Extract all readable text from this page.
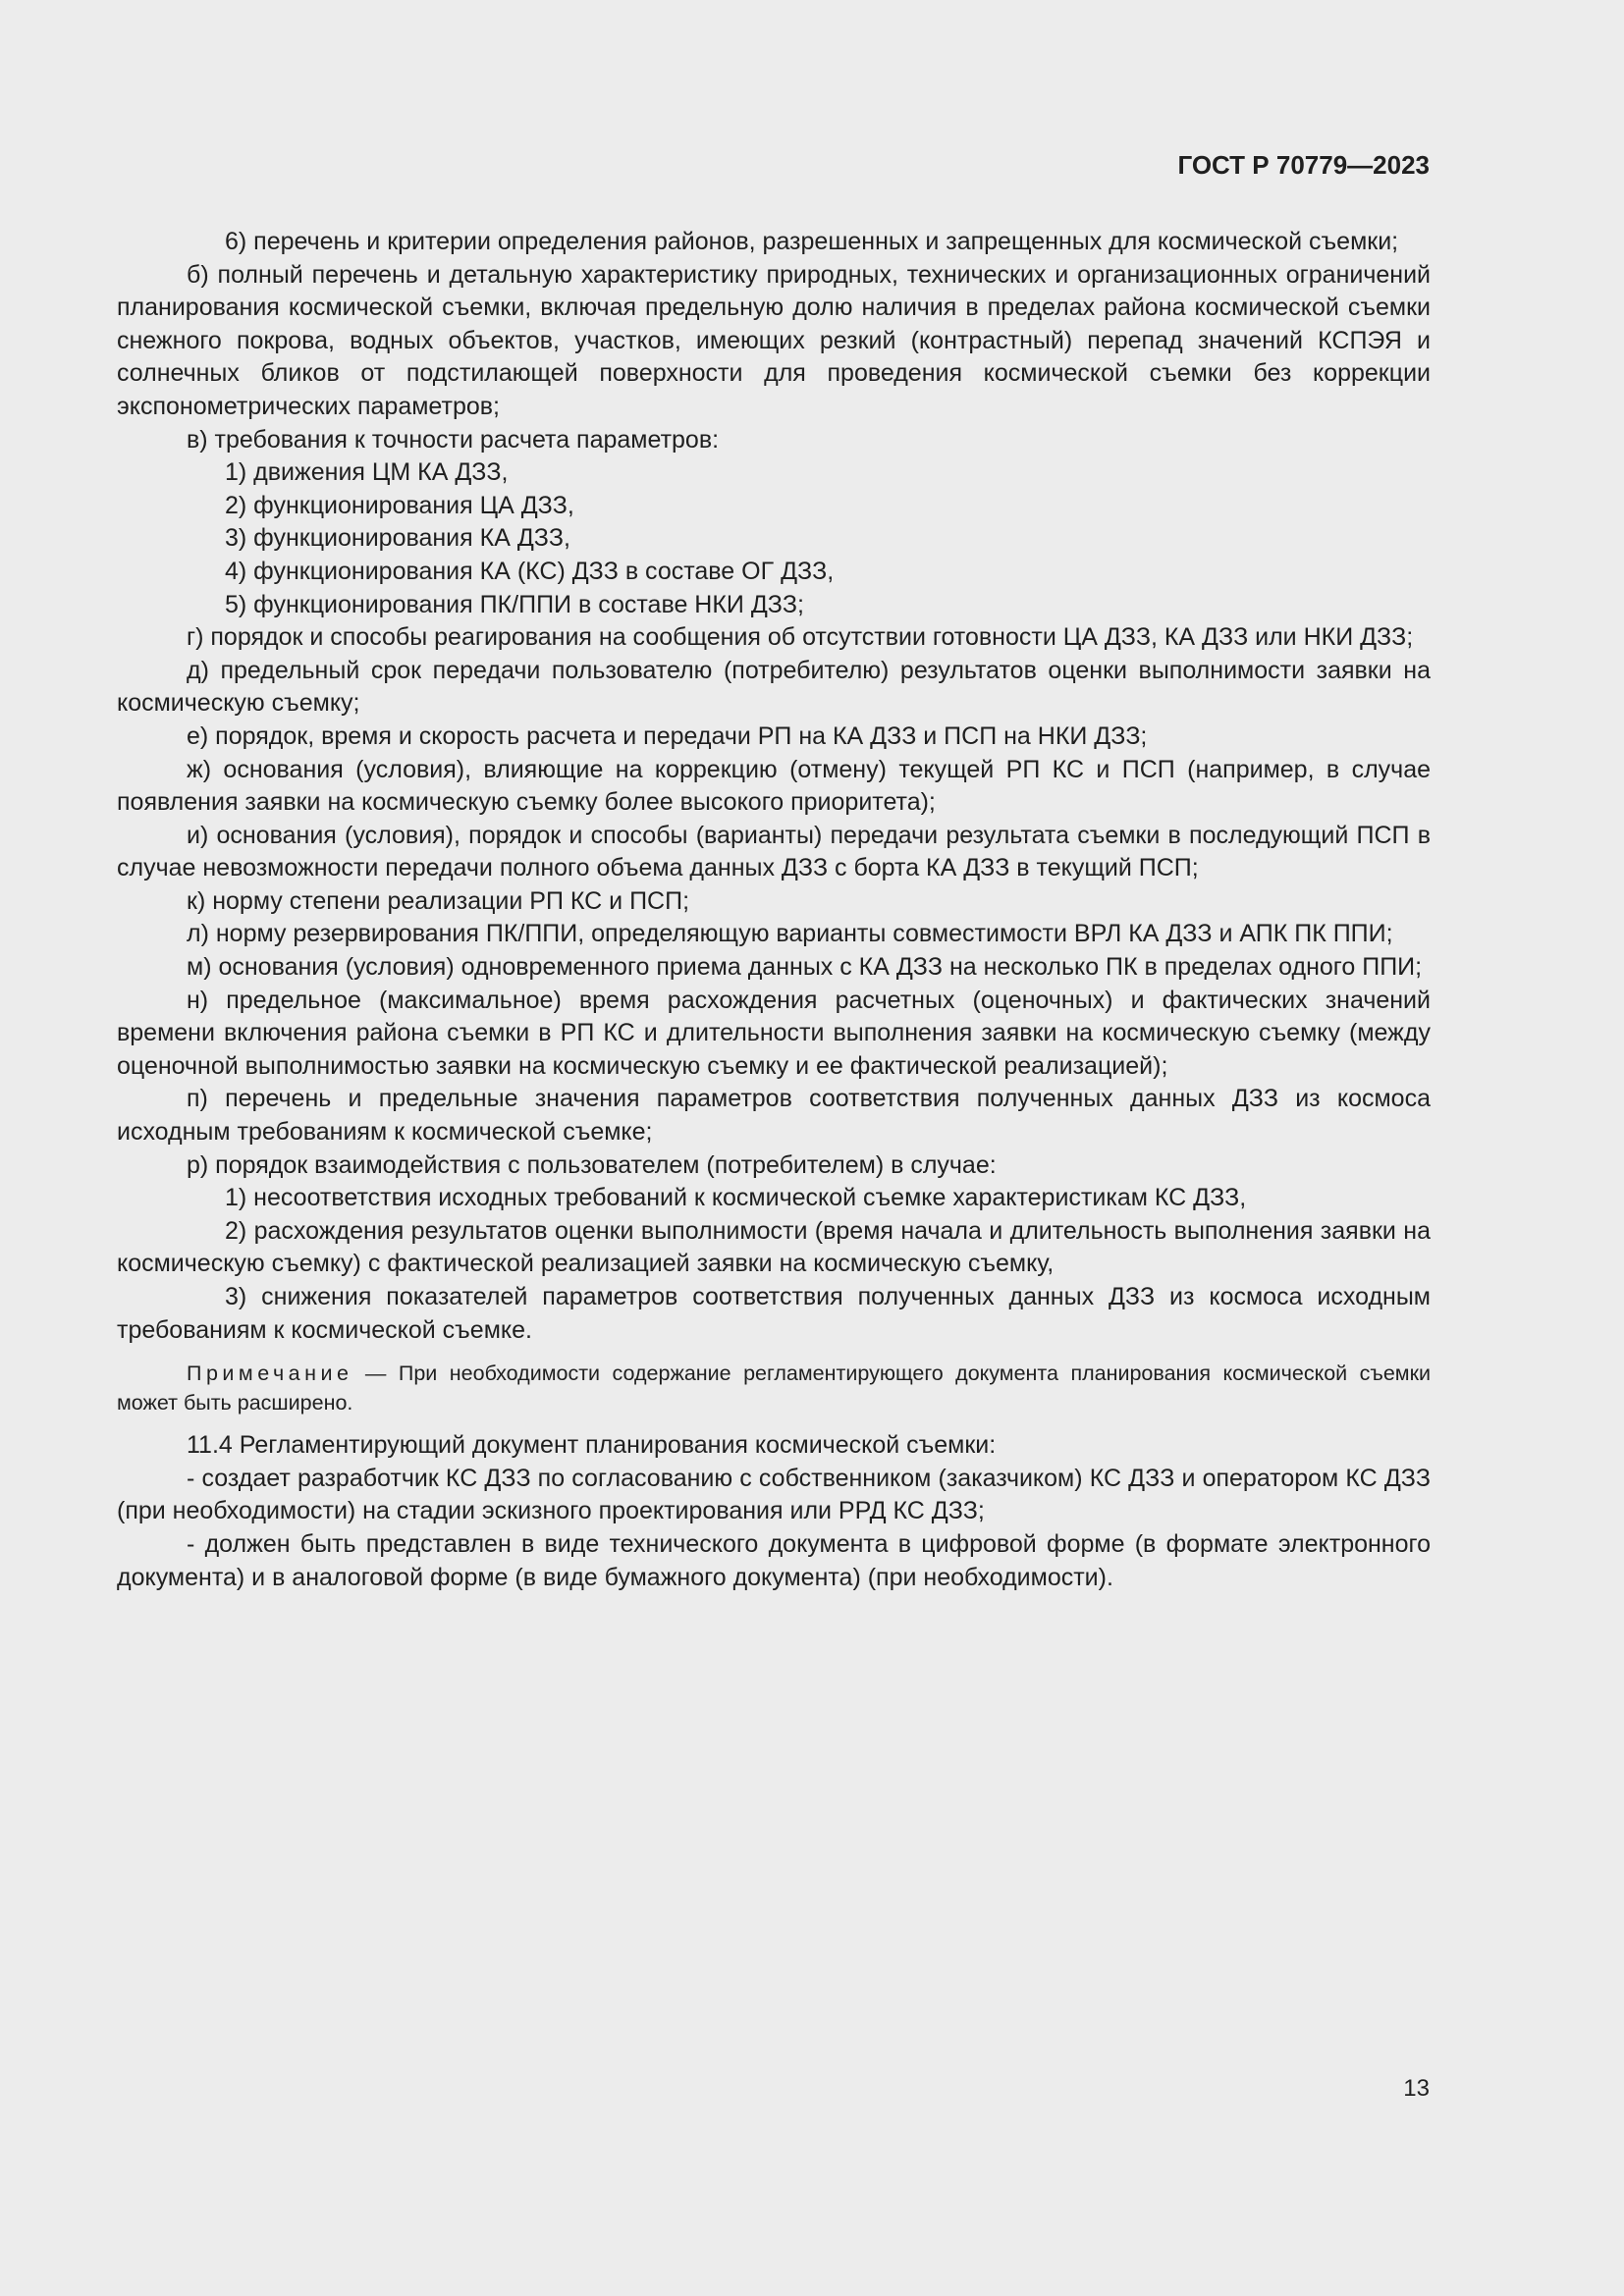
ГОСТ Р 70779—2023

6) перечень и критерии определения районов, разрешенных и запрещенных для космической съемки;

б) полный перечень и детальную характеристику природных, технических и организационных ограничений планирования космической съемки, включая предельную долю наличия в пределах района космической съемки снежного покрова, водных объектов, участков, имеющих резкий (контрастный) перепад значений КСПЭЯ и солнечных бликов от подстилающей поверхности для проведения космической съемки без коррекции экспонометрических параметров;

в) требования к точности расчета параметров:

1) движения ЦМ КА ДЗЗ,

2) функционирования ЦА ДЗЗ,

3) функционирования КА ДЗЗ,

4) функционирования КА (КС) ДЗЗ в составе ОГ ДЗЗ,

5) функционирования ПК/ППИ в составе НКИ ДЗЗ;

г) порядок и способы реагирования на сообщения об отсутствии готовности ЦА ДЗЗ, КА ДЗЗ или НКИ ДЗЗ;

д) предельный срок передачи пользователю (потребителю) результатов оценки выполнимости заявки на космическую съемку;

е) порядок, время и скорость расчета и передачи РП на КА ДЗЗ и ПСП на НКИ ДЗЗ;

ж) основания (условия), влияющие на коррекцию (отмену) текущей РП КС и ПСП (например, в случае появления заявки на космическую съемку более высокого приоритета);

и) основания (условия), порядок и способы (варианты) передачи результата съемки в последующий ПСП в случае невозможности передачи полного объема данных ДЗЗ с борта КА ДЗЗ в текущий ПСП;

к) норму степени реализации РП КС и ПСП;

л) норму резервирования ПК/ППИ, определяющую варианты совместимости ВРЛ КА ДЗЗ и АПК ПК ППИ;

м) основания (условия) одновременного приема данных с КА ДЗЗ на несколько ПК в пределах одного ППИ;

н) предельное (максимальное) время расхождения расчетных (оценочных) и фактических значений времени включения района съемки в РП КС и длительности выполнения заявки на космическую съемку (между оценочной выполнимостью заявки на космическую съемку и ее фактической реализацией);

п) перечень и предельные значения параметров соответствия полученных данных ДЗЗ из космоса исходным требованиям к космической съемке;

р) порядок взаимодействия с пользователем (потребителем) в случае:

1) несоответствия исходных требований к космической съемке характеристикам КС ДЗЗ,

2) расхождения результатов оценки выполнимости (время начала и длительность выполнения заявки на космическую съемку) с фактической реализацией заявки на космическую съемку,

3) снижения показателей параметров соответствия полученных данных ДЗЗ из космоса исходным требованиям к космической съемке.

Примечание — При необходимости содержание регламентирующего документа планирования космической съемки может быть расширено.

11.4 Регламентирующий документ планирования космической съемки:

- создает разработчик КС ДЗЗ по согласованию с собственником (заказчиком) КС ДЗЗ и оператором КС ДЗЗ (при необходимости) на стадии эскизного проектирования или РРД КС ДЗЗ;

- должен быть представлен в виде технического документа в цифровой форме (в формате электронного документа) и в аналоговой форме (в виде бумажного документа) (при необходимости).

13
